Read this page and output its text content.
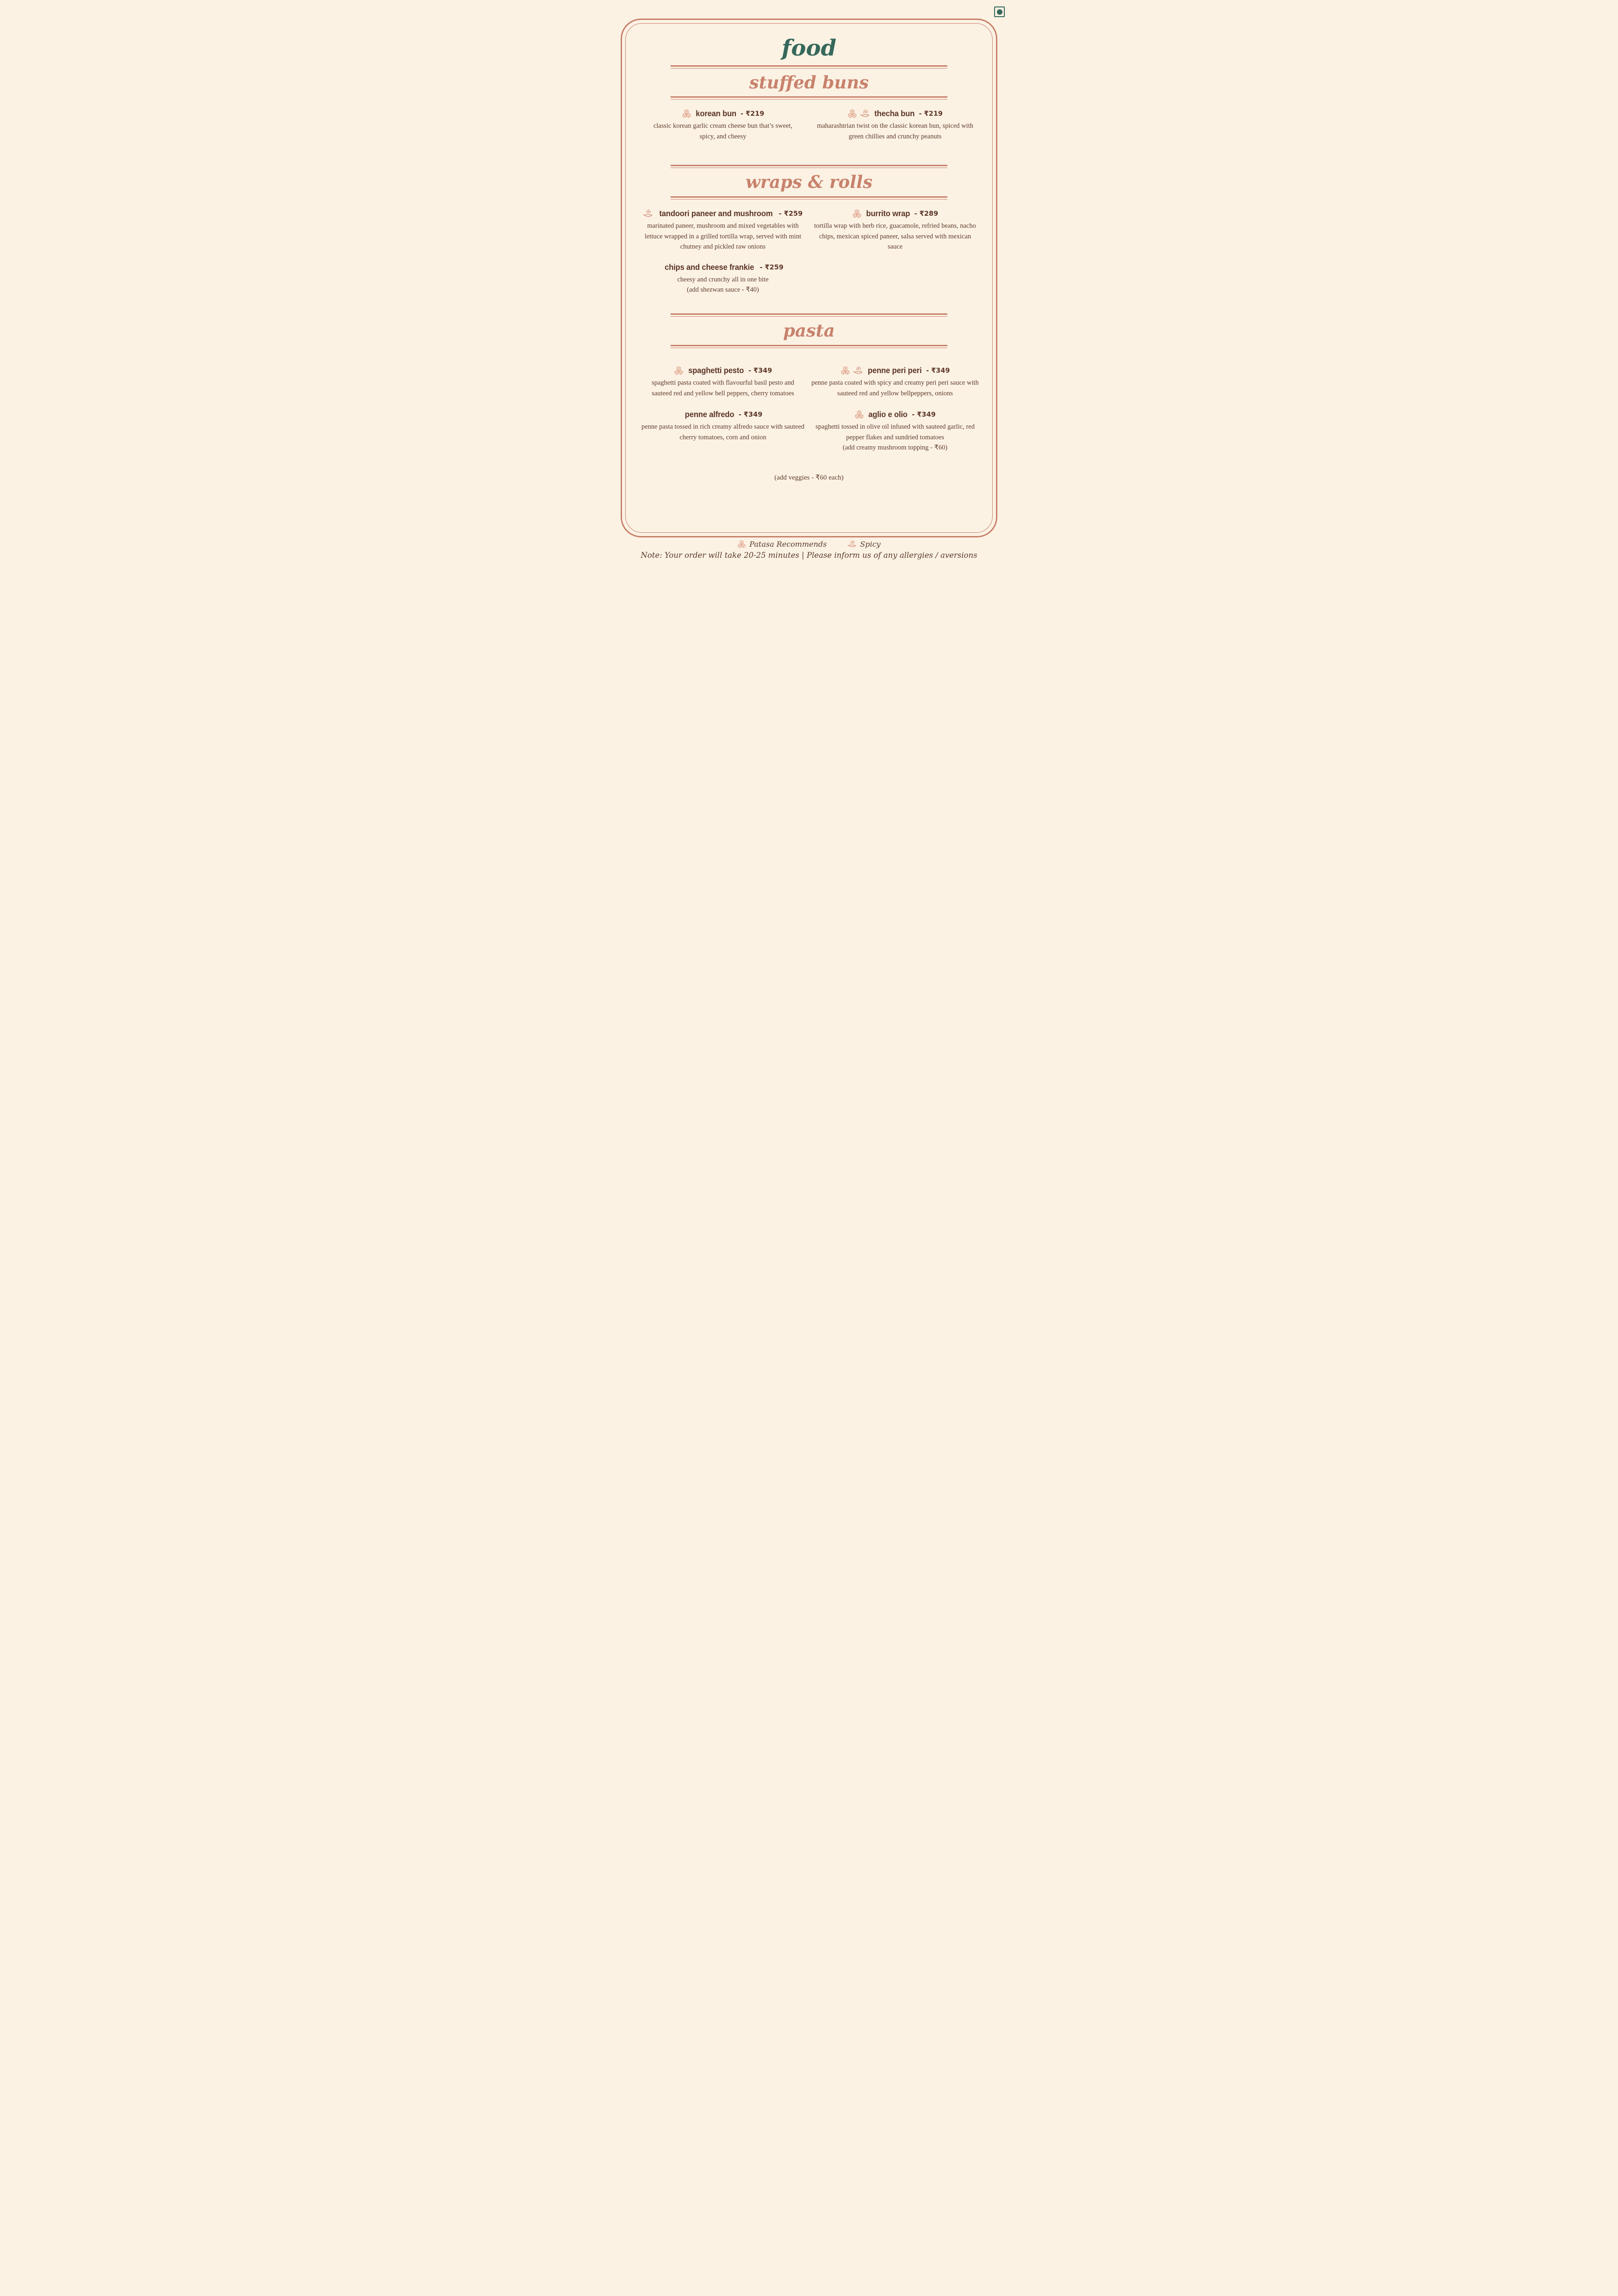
food
stuffed buns
korean bun - ₹219
classic korean garlic cream cheese bun that’s sweet, spicy, and cheesy
thecha bun - ₹219
maharashtrian twist on the classic korean bun, spiced with green chillies and crunchy peanuts
wraps & rolls
tandoori paneer and mushroom - ₹259
marinated paneer, mushroom and mixed vegetables with lettuce wrapped in a grilled tortilla wrap, served with mint chutney and pickled raw onions
chips and cheese frankie - ₹259
cheesy and crunchy all in one bite
(add shezwan sauce - ₹40)
burrito wrap - ₹289
tortilla wrap with herb rice, guacamole, refried beans, nacho chips, mexican spiced paneer, salsa served with mexican sauce
pasta
spaghetti pesto - ₹349
spaghetti pasta coated with flavourful basil pesto and sauteed red and yellow bell peppers, cherry tomatoes
penne alfredo - ₹349
penne pasta tossed in rich creamy alfredo sauce with sauteed cherry tomatoes, corn and onion
penne peri peri - ₹349
penne pasta coated with spicy and creamy peri peri sauce with sauteed red and yellow bellpeppers, onions
aglio e olio - ₹349
spaghetti tossed in olive oil infused with sauteed garlic, red pepper flakes and sundried tomatoes
(add creamy mushroom topping - ₹60)
(add veggies - ₹60 each)
Patasa Recommends	Spicy
Note: Your order will take 20-25 minutes | Please inform us of any allergies / aversions
